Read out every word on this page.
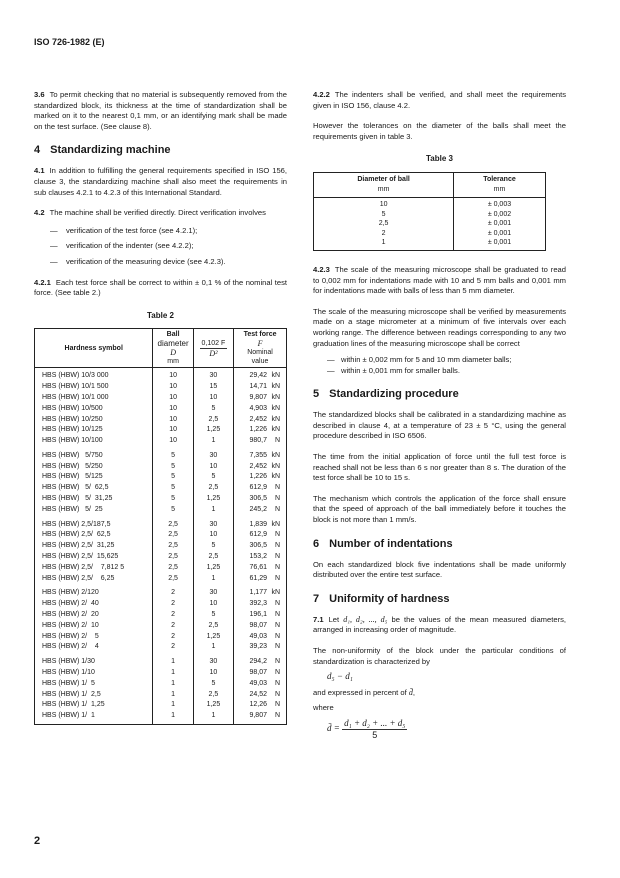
ISO 726-1982 (E)

3.6 To permit checking that no material is subsequently removed from the standardized block, its thickness at the time of standardization shall be marked on it to the nearest 0,1 mm, or an identifying mark shall be made on the test surface. (See clause 8).

4 Standardizing machine

4.1 In addition to fulfilling the general requirements specified in ISO 156, clause 3, the standardizing machine shall also meet the requirements in sub clauses 4.2.1 to 4.2.3 of this International Standard.

4.2 The machine shall be verified directly. Direct verification involves

— verification of the test force (see 4.2.1);
— verification of the indenter (see 4.2.2);
— verification of the measuring device (see 4.2.3).

4.2.1 Each test force shall be correct to within ± 0,1 % of the nominal test force. (See table 2.)

Table 2
Hardness symbol	
Ball
diameter
D
mm

$\frac{0,102 F}{\text{D²}}$

Test force
F
Nominal
value

HBS (HBW) 10/3 000	10	30	29,42 kN
HBS (HBW) 10/1 500	10	15	14,71 kN
HBS (HBW) 10/1 000	10	10	9,807 kN
HBS (HBW) 10/500	10	5	4,903 kN
HBS (HBW) 10/250	10	2,5	2,452 kN
HBS (HBW) 10/125	10	1,25	1,226 kN
HBS (HBW) 10/100	10	1	980,7 N
HBS (HBW)   5/750	5	30	7,355 kN
HBS (HBW)   5/250	5	10	2,452 kN
HBS (HBW)   5/125	5	5	1,226 kN
HBS (HBW)   5/  62,5	5	2,5	612,9 N
HBS (HBW)   5/  31,25	5	1,25	306,5 N
HBS (HBW)   5/  25	5	1	245,2 N
HBS (HBW) 2,5/187,5	2,5	30	1,839 kN
HBS (HBW) 2,5/  62,5	2,5	10	612,9 N
HBS (HBW) 2,5/  31,25	2,5	5	306,5 N
HBS (HBW) 2,5/  15,625	2,5	2,5	153,2 N
HBS (HBW) 2,5/    7,812 5	2,5	1,25	76,61 N
HBS (HBW) 2,5/    6,25	2,5	1	61,29 N
HBS (HBW) 2/120	2	30	1,177 kN
HBS (HBW) 2/  40	2	10	392,3 N
HBS (HBW) 2/  20	2	5	196,1 N
HBS (HBW) 2/  10	2	2,5	98,07 N
HBS (HBW) 2/    5	2	1,25	49,03 N
HBS (HBW) 2/    4	2	1	39,23 N
HBS (HBW) 1/30	1	30	294,2 N
HBS (HBW) 1/10	1	10	98,07 N
HBS (HBW) 1/  5	1	5	49,03 N
HBS (HBW) 1/  2,5	1	2,5	24,52 N
HBS (HBW) 1/  1,25	1	1,25	12,26 N
HBS (HBW) 1/  1	1	1	9,807 N

4.2.2 The indenters shall be verified, and shall meet the requirements given in ISO 156, clause 4.2.

However the tolerances on the diameter of the balls shall meet the requirements given in table 3.

Table 3
Diameter of ball
mm

Tolerance
mm

10	± 0,003
5	± 0,002
2,5	± 0,001
2	± 0,001
1	± 0,001

4.2.3 The scale of the measuring microscope shall be graduated to read to 0,002 mm for indentations made with 10 and 5 mm balls and 0,001 mm for indentations made with balls of less than 5 mm diameter.

The scale of the measuring microscope shall be verified by measurements made on a stage micrometer at a minimum of five intervals over each working range. The difference between readings corresponding to any two graduation lines of the measuring microscope shall be correct

— within ± 0,002 mm for 5 and 10 mm diameter balls;
— within ± 0,001 mm for smaller balls.
5 Standardizing procedure

The standardized blocks shall be calibrated in a standardizing machine as described in clause 4, at a temperature of 23 ± 5 °C, using the general procedure described in ISO 6506.

The time from the initial application of force until the full test force is reached shall not be less than 6 s nor greater than 8 s. The duration of the test force shall be 10 to 15 s.

The mechanism which controls the application of the force shall ensure that the speed of approach of the ball immediately before it touches the block is not more than 1 mm/s.

6 Number of indentations

On each standardized block five indentations shall be made uniformly distributed over the entire test surface.

7 Uniformity of hardness

7.1 Let d₁, d₂, ..., d₅ be the values of the mean measured diameters, arranged in increasing order of magnitude.

The non-uniformity of the block under the particular conditions of standardization is characterized by

d₅ − d₁

and expressed in percent of d̄,

where

d̄ = $\frac{\text{d₁ + d₂ + ... + d₅}}{5}$
2
